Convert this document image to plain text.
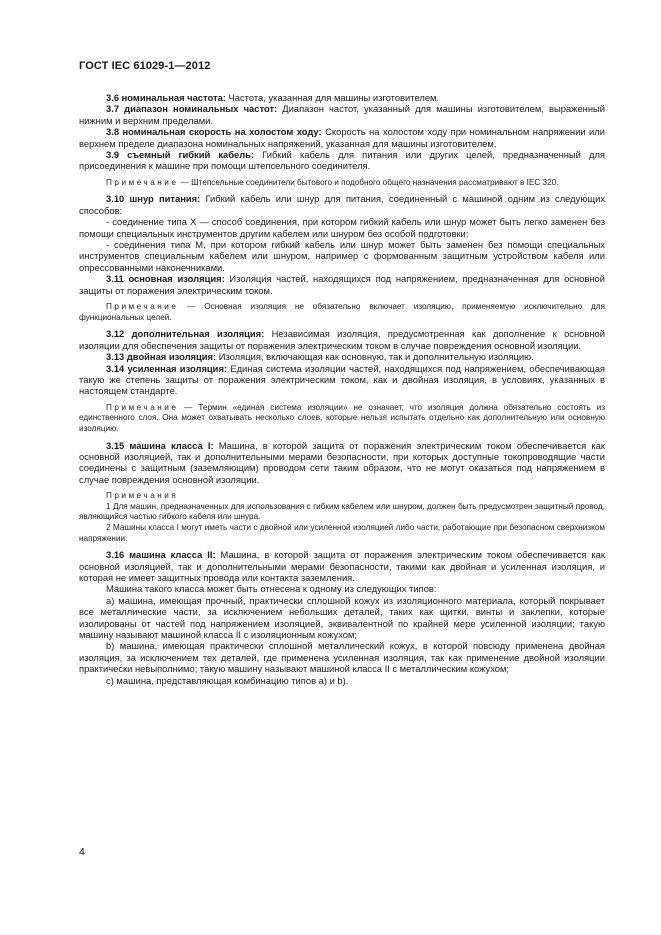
ГОСТ IEC 61029-1—2012

3.6 номинальная частота: Частота, указанная для машины изготовителем.

3.7 диапазон номинальных частот: Диапазон частот, указанный для машины изготовителем, выраженный нижним и верхним пределами.

3.8 номинальная скорость на холостом ходу: Скорость на холостом ходу при номинальном напряжении или верхнем пределе диапазона номинальных напряжений, указанная для машины изготовителем.

3.9 съемный гибкий кабель: Гибкий кабель для питания или других целей, предназначенный для присоединения к машине при помощи штепсельного соединителя.

Примечание — Штепсельные соединители бытового и подобного общего назначения рассматривают в IEC 320.

3.10 шнур питания: Гибкий кабель или шнур для питания, соединенный с машиной одним из следующих способов:

- соединение типа X — способ соединения, при котором гибкий кабель или шнур может быть легко заменен без помощи специальных инструментов другим кабелем или шнуром без особой подготовки;

- соединения типа M, при котором гибкий кабель или шнур может быть заменен без помощи специальных инструментов специальным кабелем или шнуром, например с формованным защитным устройством кабеля или опрессованными наконечниками.

3.11 основная изоляция: Изоляция частей, находящихся под напряжением, предназначенная для основной защиты от поражения электрическим током.

Примечание — Основная изоляция не обязательно включает изоляцию, применяемую исключительно для функциональных целей.

3.12 дополнительная изоляция: Независимая изоляция, предусмотренная как дополнение к основной изоляции для обеспечения защиты от поражения электрическим током в случае повреждения основной изоляции.

3.13 двойная изоляция: Изоляция, включающая как основную, так и дополнительную изоляцию.

3.14 усиленная изоляция: Единая система изоляции частей, находящихся под напряжением, обеспечивающая такую же степень защиты от поражения электрическим током, как и двойная изоляция, в условиях, указанных в настоящем стандарте.

Примечание — Термин «единая система изоляции» не означает, что изоляция должна обязательно состоять из единственного слоя. Она может охватывать несколько слоев, которые нельзя испытать отдельно как дополнительную или основную изоляцию.

3.15 машина класса I: Машина, в которой защита от поражения электрическим током обеспечивается как основной изоляцией, так и дополнительными мерами безопасности, при которых доступные токопроводящие части соединены с защитным (заземляющим) проводом сети таким образом, что не могут оказаться под напряжением в случае повреждения основной изоляции.

Примечания

1 Для машин, предназначенных для использования с гибким кабелем или шнуром, должен быть предусмотрен защитный провод, являющийся частью гибкого кабеля или шнура.

2 Машины класса I могут иметь части с двойной или усиленной изоляцией либо части, работающие при безопасном сверхнизком напряжении.

3.16 машина класса II: Машина, в которой защита от поражения электрическим током обеспечивается как основной изоляцией, так и дополнительными мерами безопасности, такими как двойная и усиленная изоляция, и которая не имеет защитных провода или контакта заземления.

Машина такого класса может быть отнесена к одному из следующих типов:

а) машина, имеющая прочный, практически сплошной кожух из изоляционного материала, который покрывает все металлические части, за исключением небольших деталей, таких как щитки, винты и заклепки, которые изолированы от частей под напряжением изоляцией, эквивалентной по крайней мере усиленной изоляции; такую машину называют машиной класса II с изоляционным кожухом;

b) машина, имеющая практически сплошной металлический кожух, в которой повсюду применена двойная изоляция, за исключением тех деталей, где применена усиленная изоляция, так как применение двойной изоляции практически невыполнимо; такую машину называют машиной класса II с металлическим кожухом;

с) машина, представляющая комбинацию типов а) и b).

4
